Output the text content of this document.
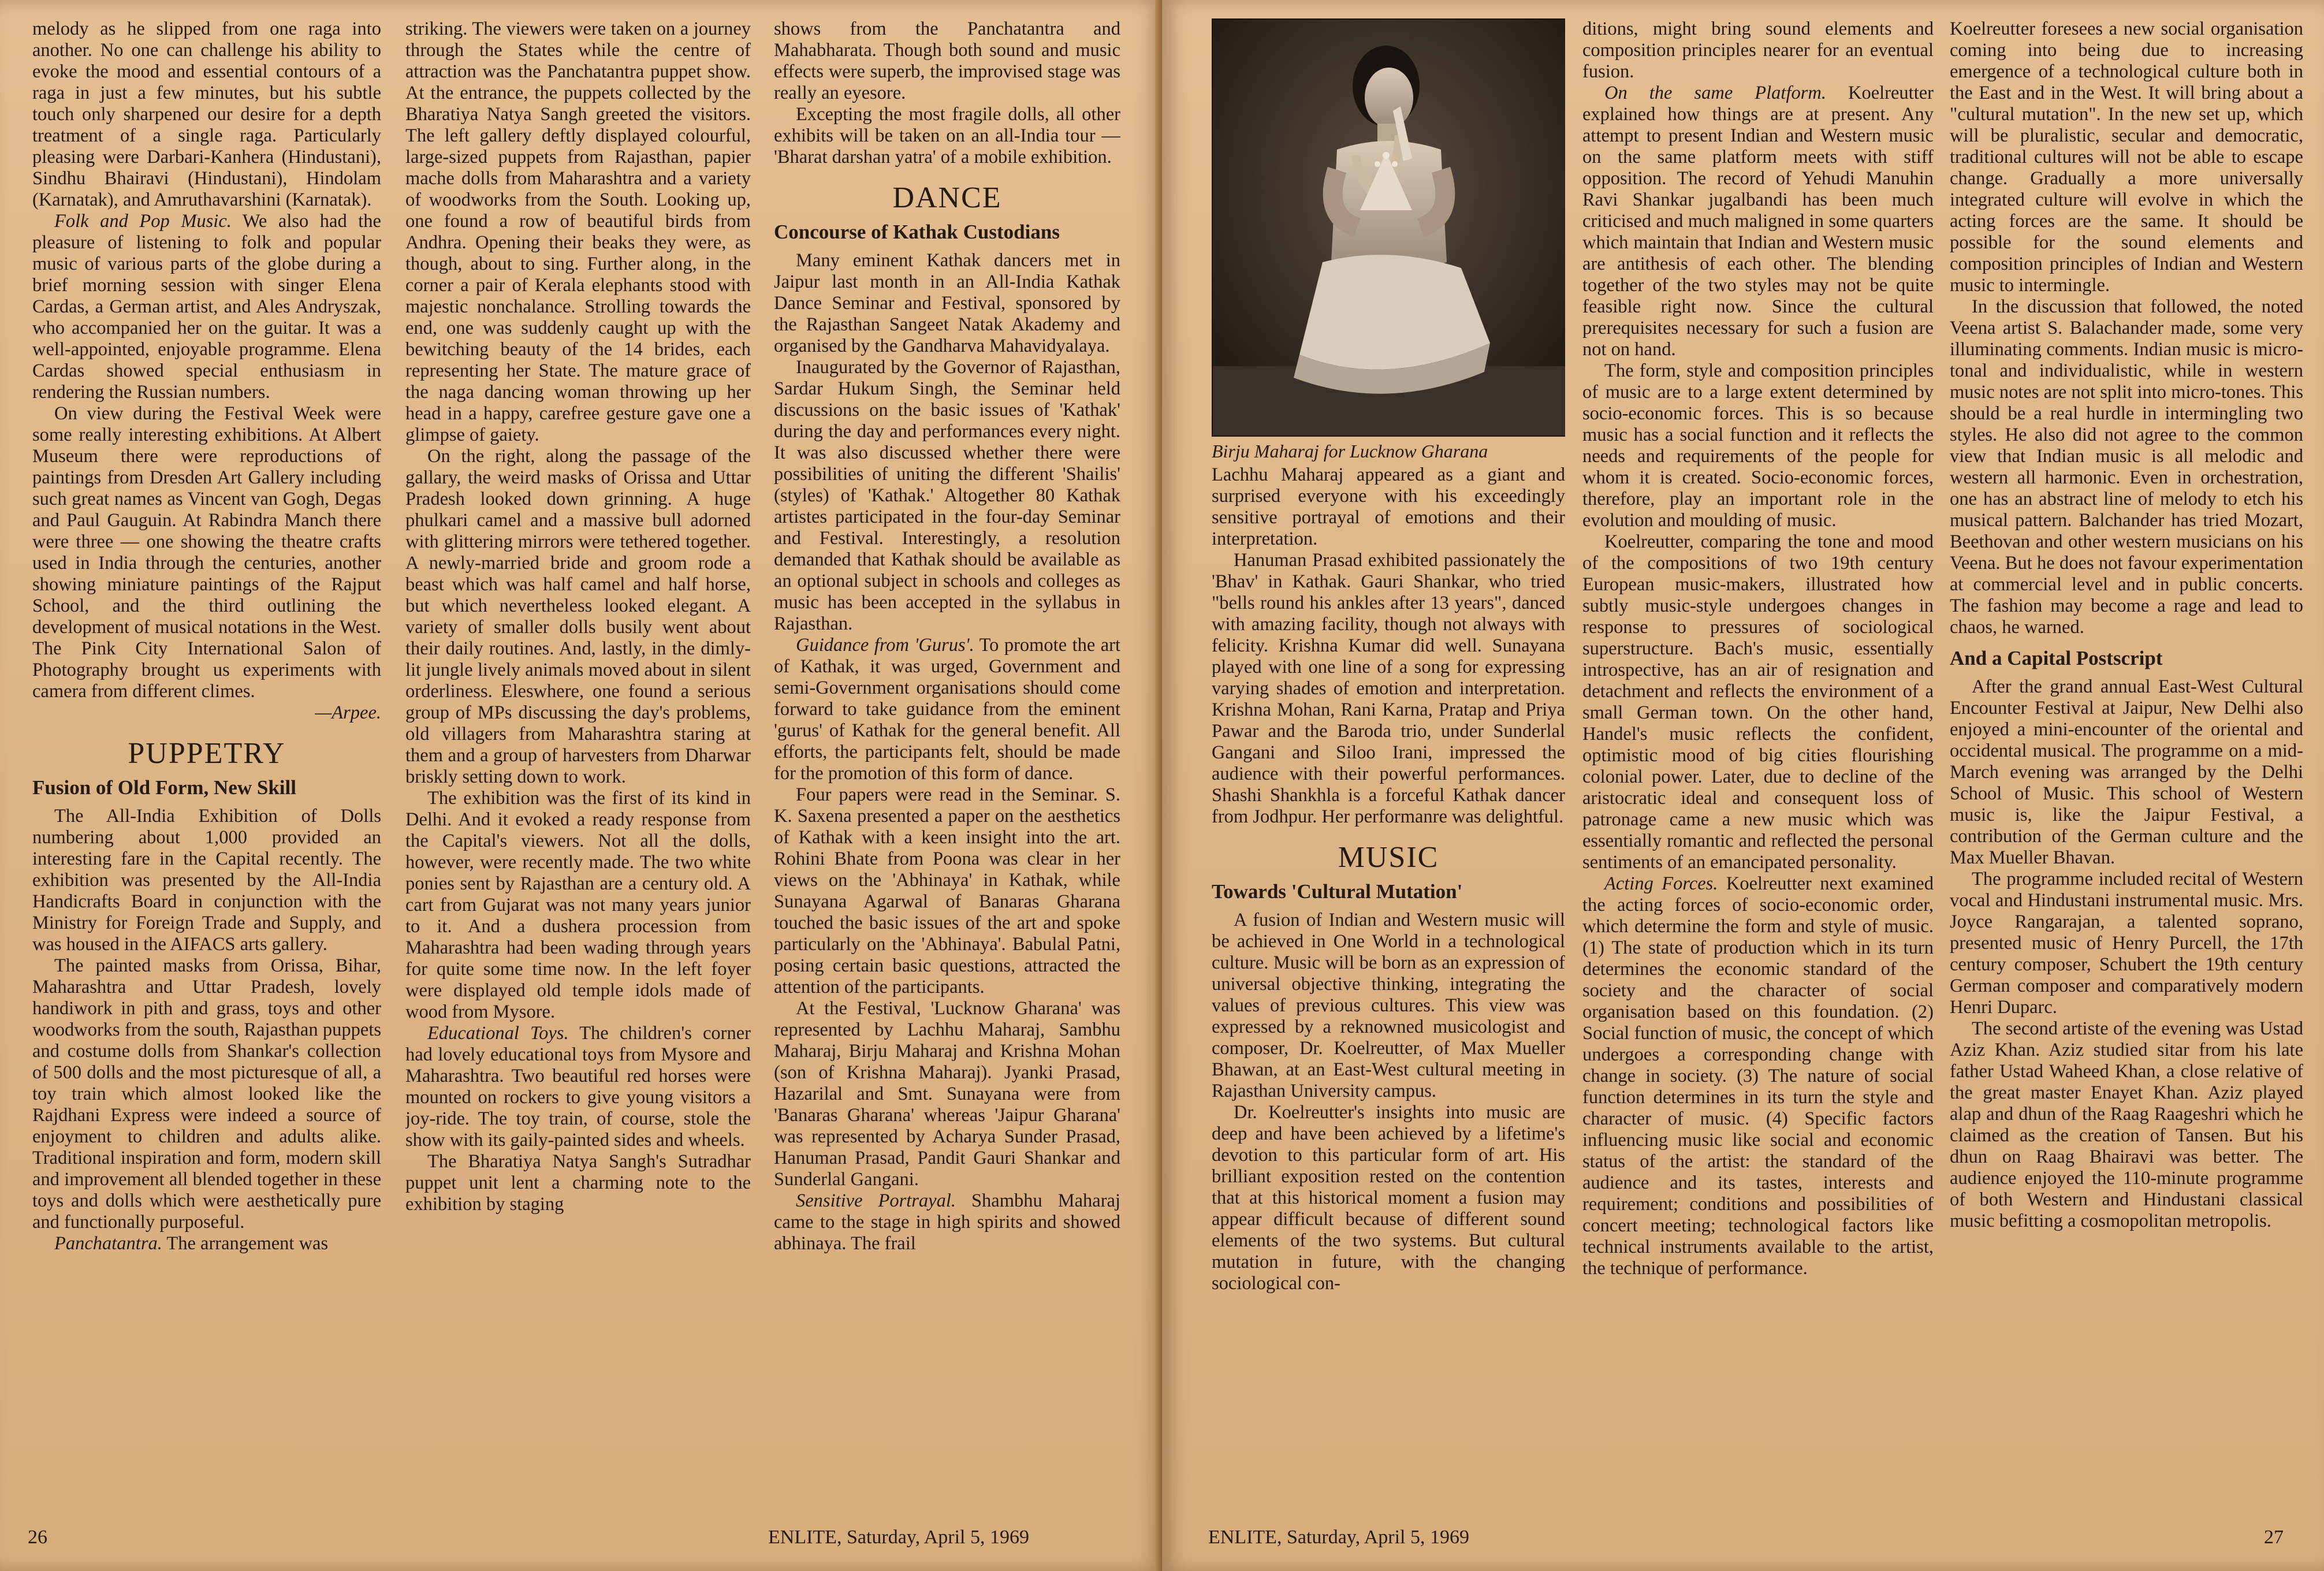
melody as he slipped from one raga into another. No one can challenge his ability to evoke the mood and essential contours of a raga in just a few minutes, but his subtle touch only sharpened our desire for a depth treatment of a single raga. Particularly pleasing were Darbari-Kanhera (Hindustani), Sindhu Bhairavi (Hindustani), Hindolam (Karnatak), and Amruthavarshini (Karnatak).

Folk and Pop Music. We also had the pleasure of listening to folk and popular music of various parts of the globe during a brief morning session with singer Elena Cardas, a German artist, and Ales Andryszak, who accompanied her on the guitar. It was a well-appointed, enjoyable programme. Elena Cardas showed special enthusiasm in rendering the Russian numbers.

On view during the Festival Week were some really interesting exhibitions. At Albert Museum there were reproductions of paintings from Dresden Art Gallery including such great names as Vincent van Gogh, Degas and Paul Gauguin. At Rabindra Manch there were three — one showing the theatre crafts used in India through the centuries, another showing miniature paintings of the Rajput School, and the third outlining the development of musical notations in the West. The Pink City International Salon of Photography brought us experiments with camera from different climes.

—Arpee.
PUPPETRY
Fusion of Old Form, New Skill

The All-India Exhibition of Dolls numbering about 1,000 provided an interesting fare in the Capital recently. The exhibition was presented by the All-India Handicrafts Board in conjunction with the Ministry for Foreign Trade and Supply, and was housed in the AIFACS arts gallery.

The painted masks from Orissa, Bihar, Maharashtra and Uttar Pradesh, lovely handiwork in pith and grass, toys and other woodworks from the south, Rajasthan puppets and costume dolls from Shankar's collection of 500 dolls and the most picturesque of all, a toy train which almost looked like the Rajdhani Express were indeed a source of enjoyment to children and adults alike. Traditional inspiration and form, modern skill and improvement all blended together in these toys and dolls which were aesthetically pure and functionally purposeful.

Panchatantra. The arrangement was

striking. The viewers were taken on a journey through the States while the centre of attraction was the Panchatantra puppet show. At the entrance, the puppets collected by the Bharatiya Natya Sangh greeted the visitors. The left gallery deftly displayed colourful, large-sized puppets from Rajasthan, papier mache dolls from Maharashtra and a variety of woodworks from the South. Looking up, one found a row of beautiful birds from Andhra. Opening their beaks they were, as though, about to sing. Further along, in the corner a pair of Kerala elephants stood with majestic nonchalance. Strolling towards the end, one was suddenly caught up with the bewitching beauty of the 14 brides, each representing her State. The mature grace of the naga dancing woman throwing up her head in a happy, carefree gesture gave one a glimpse of gaiety.

On the right, along the passage of the gallary, the weird masks of Orissa and Uttar Pradesh looked down grinning. A huge phulkari camel and a massive bull adorned with glittering mirrors were tethered together. A newly-married bride and groom rode a beast which was half camel and half horse, but which nevertheless looked elegant. A variety of smaller dolls busily went about their daily routines. And, lastly, in the dimly-lit jungle lively animals moved about in silent orderliness. Eleswhere, one found a serious group of MPs discussing the day's problems, old villagers from Maharashtra staring at them and a group of harvesters from Dharwar briskly setting down to work.

The exhibition was the first of its kind in Delhi. And it evoked a ready response from the Capital's viewers. Not all the dolls, however, were recently made. The two white ponies sent by Rajasthan are a century old. A cart from Gujarat was not many years junior to it. And a dushera procession from Maharashtra had been wading through years for quite some time now. In the left foyer were displayed old temple idols made of wood from Mysore.

Educational Toys. The children's corner had lovely educational toys from Mysore and Maharashtra. Two beautiful red horses were mounted on rockers to give young visitors a joy-ride. The toy train, of course, stole the show with its gaily-painted sides and wheels.

The Bharatiya Natya Sangh's Sutradhar puppet unit lent a charming note to the exhibition by staging

shows from the Panchatantra and Mahabharata. Though both sound and music effects were superb, the improvised stage was really an eyesore.

Excepting the most fragile dolls, all other exhibits will be taken on an all-India tour — 'Bharat darshan yatra' of a mobile exhibition.

DANCE
Concourse of Kathak Custodians

Many eminent Kathak dancers met in Jaipur last month in an All-India Kathak Dance Seminar and Festival, sponsored by the Rajasthan Sangeet Natak Akademy and organised by the Gandharva Mahavidyalaya.

Inaugurated by the Governor of Rajasthan, Sardar Hukum Singh, the Seminar held discussions on the basic issues of 'Kathak' during the day and performances every night. It was also discussed whether there were possibilities of uniting the different 'Shailis' (styles) of 'Kathak.' Altogether 80 Kathak artistes participated in the four-day Seminar and Festival. Interestingly, a resolution demanded that Kathak should be available as an optional subject in schools and colleges as music has been accepted in the syllabus in Rajasthan.

Guidance from 'Gurus'. To promote the art of Kathak, it was urged, Government and semi-Government organisations should come forward to take guidance from the eminent 'gurus' of Kathak for the general benefit. All efforts, the participants felt, should be made for the promotion of this form of dance.

Four papers were read in the Seminar. S. K. Saxena presented a paper on the aesthetics of Kathak with a keen insight into the art. Rohini Bhate from Poona was clear in her views on the 'Abhinaya' in Kathak, while Sunayana Agarwal of Banaras Gharana touched the basic issues of the art and spoke particularly on the 'Abhinaya'. Babulal Patni, posing certain basic questions, attracted the attention of the participants.

At the Festival, 'Lucknow Gharana' was represented by Lachhu Maharaj, Sambhu Maharaj, Birju Maharaj and Krishna Mohan (son of Krishna Maharaj). Jyanki Prasad, Hazarilal and Smt. Sunayana were from 'Banaras Gharana' whereas 'Jaipur Gharana' was represented by Acharya Sunder Prasad, Hanuman Prasad, Pandit Gauri Shankar and Sunderlal Gangani.

Sensitive Portrayal. Shambhu Maharaj came to the stage in high spirits and showed abhinaya. The frail

26	ENLITE, Saturday, April 5, 1969
Birju Maharaj for Lucknow Gharana

Lachhu Maharaj appeared as a giant and surprised everyone with his exceedingly sensitive portrayal of emotions and their interpretation.

Hanuman Prasad exhibited passionately the 'Bhav' in Kathak. Gauri Shankar, who tried "bells round his ankles after 13 years", danced with amazing facility, though not always with felicity. Krishna Kumar did well. Sunayana played with one line of a song for expressing varying shades of emotion and interpretation. Krishna Mohan, Rani Karna, Pratap and Priya Pawar and the Baroda trio, under Sunderlal Gangani and Siloo Irani, impressed the audience with their powerful performances. Shashi Shankhla is a forceful Kathak dancer from Jodhpur. Her performanre was delightful.

MUSIC
Towards 'Cultural Mutation'

A fusion of Indian and Western music will be achieved in One World in a technological culture. Music will be born as an expression of universal objective thinking, integrating the values of previous cultures. This view was expressed by a reknowned musicologist and composer, Dr. Koelreutter, of Max Mueller Bhawan, at an East-West cultural meeting in Rajasthan University campus.

Dr. Koelreutter's insights into music are deep and have been achieved by a lifetime's devotion to this particular form of art. His brilliant exposition rested on the contention that at this historical moment a fusion may appear difficult because of different sound elements of the two systems. But cultural mutation in future, with the changing sociological con-

ditions, might bring sound elements and composition principles nearer for an eventual fusion.

On the same Platform. Koelreutter explained how things are at present. Any attempt to present Indian and Western music on the same platform meets with stiff opposition. The record of Yehudi Manuhin Ravi Shankar jugalbandi has been much criticised and much maligned in some quarters which maintain that Indian and Western music are antithesis of each other. The blending together of the two styles may not be quite feasible right now. Since the cultural prerequisites necessary for such a fusion are not on hand.

The form, style and composition principles of music are to a large extent determined by socio-economic forces. This is so because music has a social function and it reflects the needs and requirements of the people for whom it is created. Socio-economic forces, therefore, play an important role in the evolution and moulding of music.

Koelreutter, comparing the tone and mood of the compositions of two 19th century European music-makers, illustrated how subtly music-style undergoes changes in response to pressures of sociological superstructure. Bach's music, essentially introspective, has an air of resignation and detachment and reflects the environment of a small German town. On the other hand, Handel's music reflects the confident, optimistic mood of big cities flourishing colonial power. Later, due to decline of the aristocratic ideal and consequent loss of patronage came a new music which was essentially romantic and reflected the personal sentiments of an emancipated personality.

Acting Forces. Koelreutter next examined the acting forces of socio-economic order, which determine the form and style of music. (1) The state of production which in its turn determines the economic standard of the society and the character of social organisation based on this foundation. (2) Social function of music, the concept of which undergoes a corresponding change with change in society. (3) The nature of social function determines in its turn the style and character of music. (4) Specific factors influencing music like social and economic status of the artist: the standard of the audience and its tastes, interests and requirement; conditions and possibilities of concert meeting; technological factors like technical instruments available to the artist, the technique of performance.

Koelreutter foresees a new social organisation coming into being due to increasing emergence of a technological culture both in the East and in the West. It will bring about a "cultural mutation". In the new set up, which will be pluralistic, secular and democratic, traditional cultures will not be able to escape change. Gradually a more universally integrated culture will evolve in which the acting forces are the same. It should be possible for the sound elements and composition principles of Indian and Western music to intermingle.

In the discussion that followed, the noted Veena artist S. Balachander made, some very illuminating comments. Indian music is micro-tonal and individualistic, while in western music notes are not split into micro-tones. This should be a real hurdle in intermingling two styles. He also did not agree to the common view that Indian music is all melodic and western all harmonic. Even in orchestration, one has an abstract line of melody to etch his musical pattern. Balchander has tried Mozart, Beethovan and other western musicians on his Veena. But he does not favour experimentation at commercial level and in public concerts. The fashion may become a rage and lead to chaos, he warned.

And a Capital Postscript

After the grand annual East-West Cultural Encounter Festival at Jaipur, New Delhi also enjoyed a mini-encounter of the oriental and occidental musical. The programme on a mid-March evening was arranged by the Delhi School of Music. This school of Western music is, like the Jaipur Festival, a contribution of the German culture and the Max Mueller Bhavan.

The programme included recital of Western vocal and Hindustani instrumental music. Mrs. Joyce Rangarajan, a talented soprano, presented music of Henry Purcell, the 17th century composer, Schubert the 19th century German composer and comparatively modern Henri Duparc.

The second artiste of the evening was Ustad Aziz Khan. Aziz studied sitar from his late father Ustad Waheed Khan, a close relative of the great master Enayet Khan. Aziz played alap and dhun of the Raag Raageshri which he claimed as the creation of Tansen. But his dhun on Raag Bhairavi was better. The audience enjoyed the 110-minute programme of both Western and Hindustani classical music befitting a cosmopolitan metropolis.

ENLITE, Saturday, April 5, 1969	27
